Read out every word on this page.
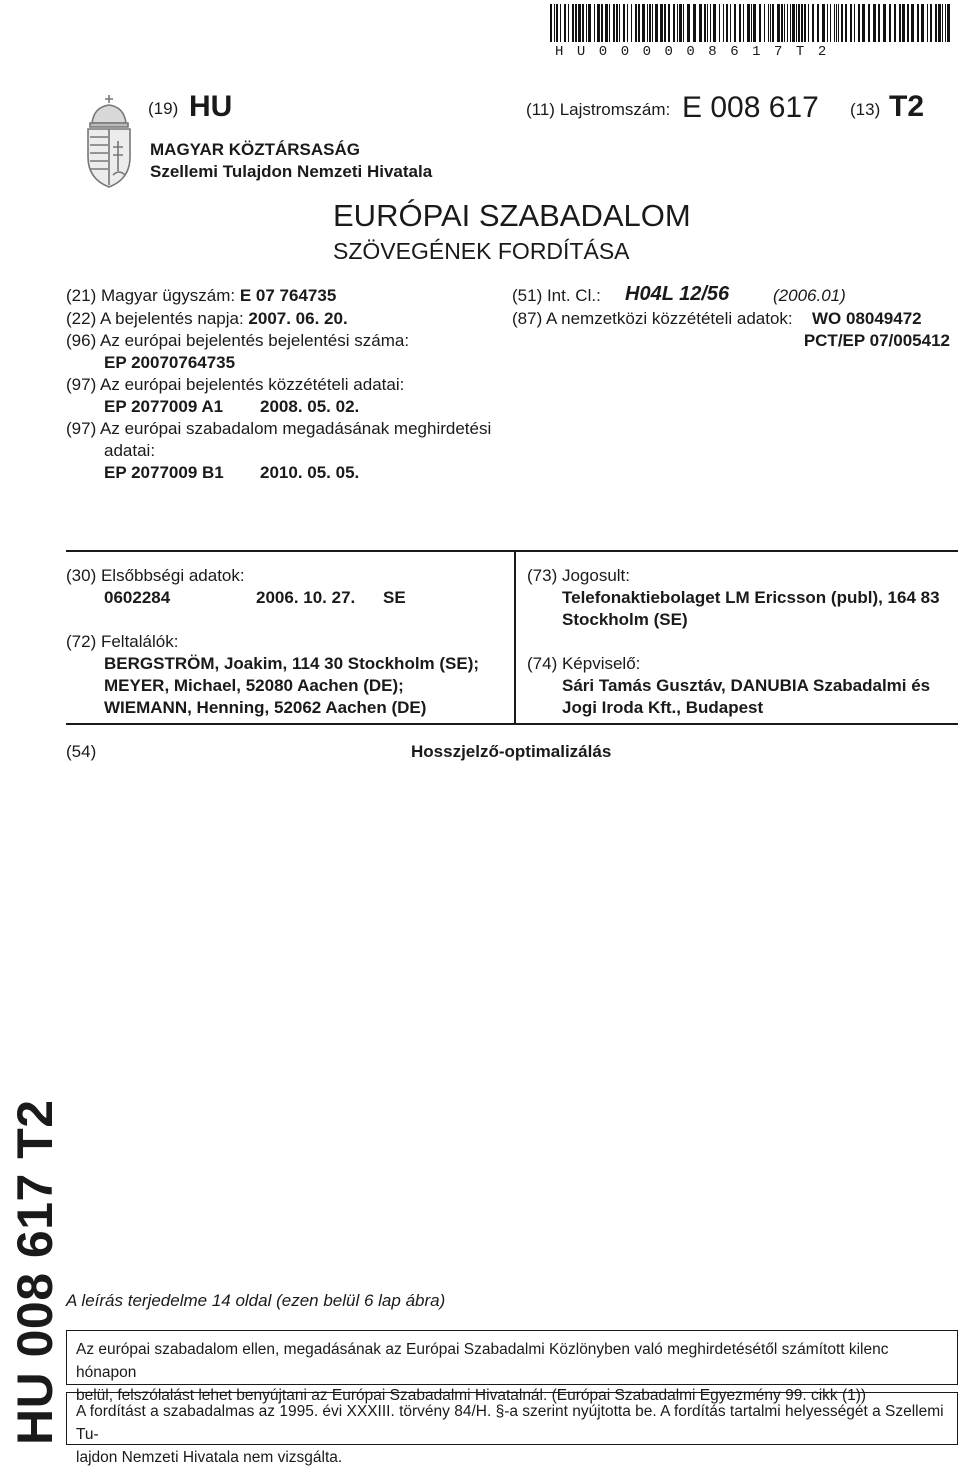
HU000008617T2
(19) HU	(11) Lajstromszám: E 008 617 (13) T2
MAGYAR KÖZTÁRSASÁG
Szellemi Tulajdon Nemzeti Hivatala
EURÓPAI SZABADALOM
SZÖVEGÉNEK FORDÍTÁSA
(21) Magyar ügyszám: E 07 764735
(22) A bejelentés napja: 2007. 06. 20.
(96) Az európai bejelentés bejelentési száma:
EP 20070764735
(97) Az európai bejelentés közzétételi adatai:
EP 2077009 A1 2008. 05. 02.
(97) Az európai szabadalom megadásának meghirdetési
adatai:
EP 2077009 B1 2010. 05. 05.
(51) Int. Cl.: H04L 12/56	(2006.01)
(87) A nemzetközi közzétételi adatok: WO 08049472
PCT/EP 07/005412
(30) Elsőbbségi adatok:
0602284	2006. 10. 27. SE
(72) Feltalálók:
BERGSTRÖM, Joakim, 114 30 Stockholm (SE);
MEYER, Michael, 52080 Aachen (DE);
WIEMANN, Henning, 52062 Aachen (DE)
(73) Jogosult:
Telefonaktiebolaget LM Ericsson (publ), 164 83
Stockholm (SE)
(74) Képviselő:
Sári Tamás Gusztáv, DANUBIA Szabadalmi és
Jogi Iroda Kft., Budapest
(54)	Hosszjelző-optimalizálás
HU 008 617 T2 A leírás terjedelme 14 oldal (ezen belül 6 lap ábra)
Az európai szabadalom ellen, megadásának az Európai Szabadalmi Közlönyben való meghirdetésétől számított kilenc hónapon
belül, felszólalást lehet benyújtani az Európai Szabadalmi Hivatalnál. (Európai Szabadalmi Egyezmény 99. cikk (1))
A fordítást a szabadalmas az 1995. évi XXXIII. törvény 84/H. §-a szerint nyújtotta be. A fordítás tartalmi helyességét a Szellemi Tu-
lajdon Nemzeti Hivatala nem vizsgálta.
